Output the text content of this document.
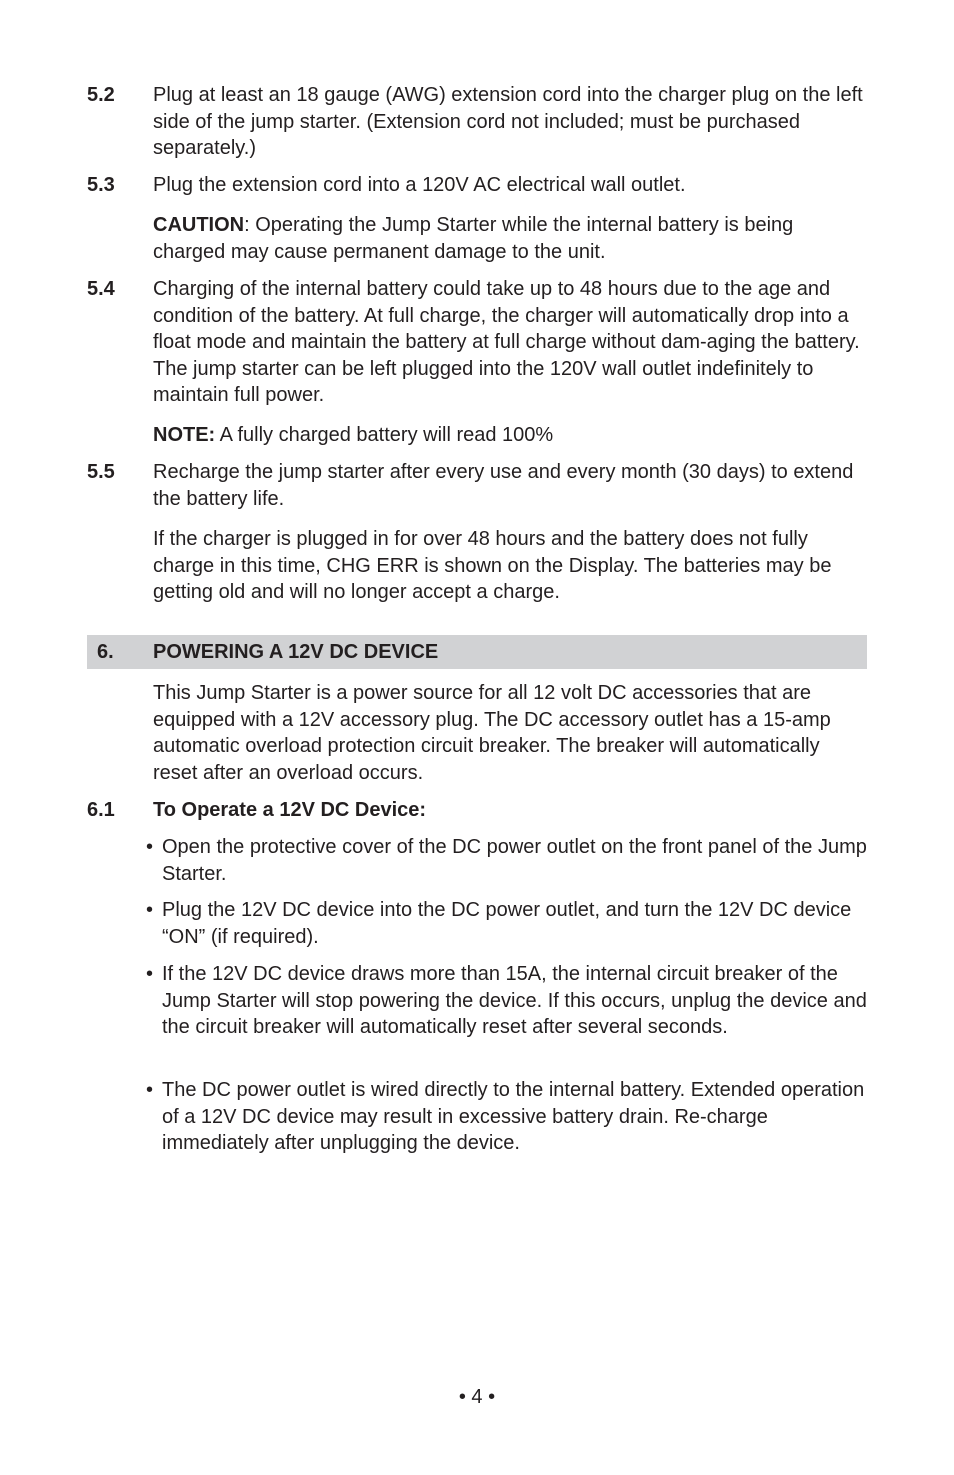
5.2 Plug at least an 18 gauge (AWG) extension cord into the charger plug on the left side of the jump starter. (Extension cord not included; must be purchased separately.)

5.3 Plug the extension cord into a 120V AC electrical wall outlet.

CAUTION: Operating the Jump Starter while the internal battery is being charged may cause permanent damage to the unit.

5.4 Charging of the internal battery could take up to 48 hours due to the age and condition of the battery. At full charge, the charger will automatically drop into a float mode and maintain the battery at full charge without dam-aging the battery. The jump starter can be left plugged into the 120V wall outlet indefinitely to maintain full power.

NOTE: A fully charged battery will read 100%

5.5 Recharge the jump starter after every use and every month (30 days) to extend the battery life.

If the charger is plugged in for over 48 hours and the battery does not fully charge in this time, CHG ERR is shown on the Display. The batteries may be getting old and will no longer accept a charge.

6. POWERING A 12V DC DEVICE

This Jump Starter is a power source for all 12 volt DC accessories that are equipped with a 12V accessory plug. The DC accessory outlet has a 15-amp automatic overload protection circuit breaker. The breaker will automatically reset after an overload occurs.

6.1 To Operate a 12V DC Device:
• Open the protective cover of the DC power outlet on the front panel of the Jump Starter.

• Plug the 12V DC device into the DC power outlet, and turn the 12V DC device “ON” (if required).

• If the 12V DC device draws more than 15A, the internal circuit breaker of the Jump Starter will stop powering the device. If this occurs, unplug the device and the circuit breaker will automatically reset after several seconds.

• The DC power outlet is wired directly to the internal battery. Extended operation of a 12V DC device may result in excessive battery drain. Re-charge immediately after unplugging the device.

• 4 •
